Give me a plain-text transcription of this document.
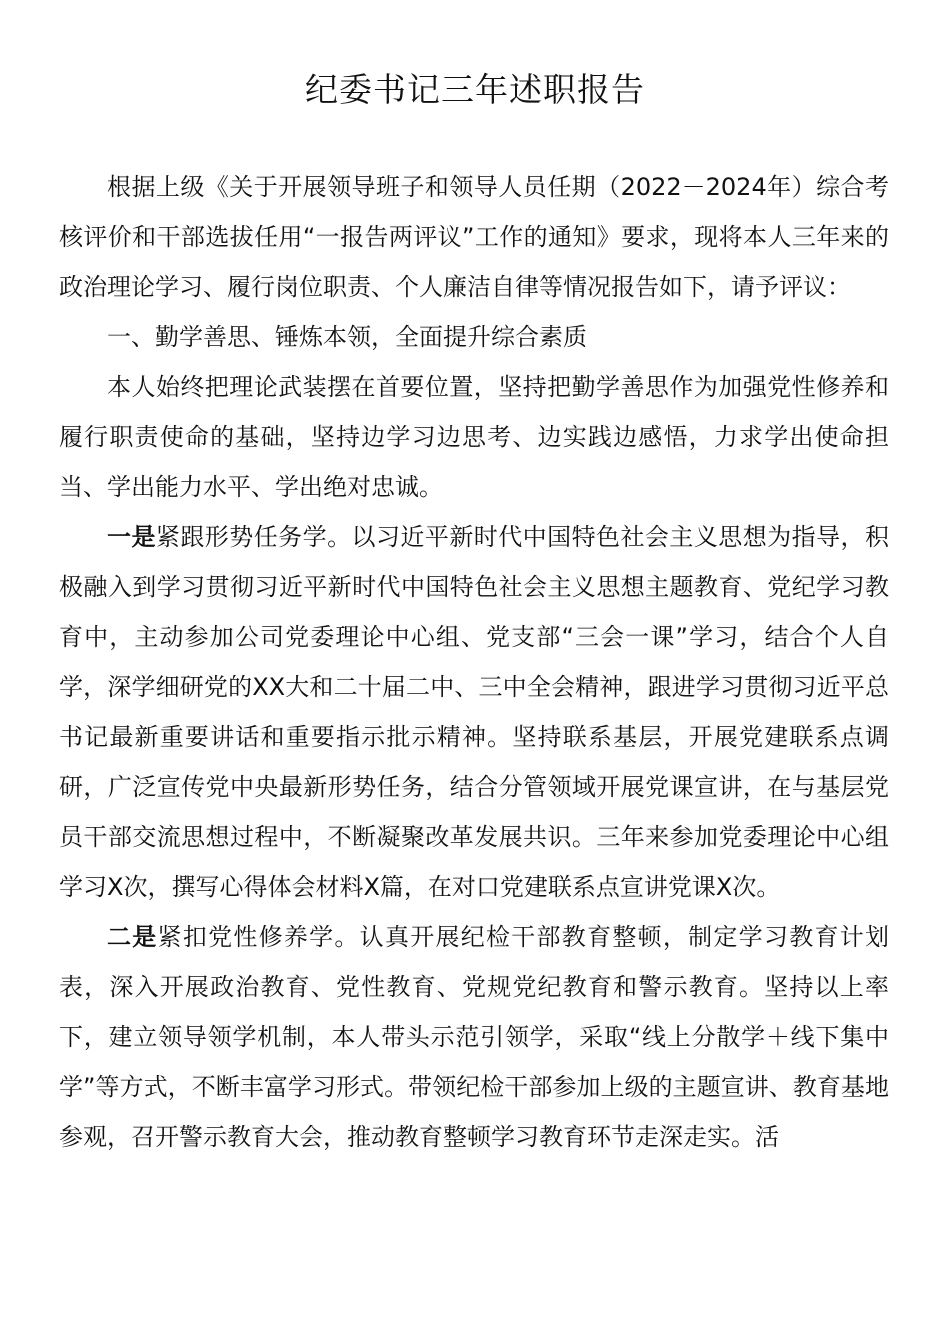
纪委书记三年述职报告

根据上级《关于开展领导班子和领导人员任期（2022－2024年）综合考核评价和干部选拔任用“一报告两评议”工作的通知》要求，现将本人三年来的政治理论学习、履行岗位职责、个人廉洁自律等情况报告如下，请予评议：

一、勤学善思、锤炼本领，全面提升综合素质

本人始终把理论武装摆在首要位置，坚持把勤学善思作为加强党性修养和履行职责使命的基础，坚持边学习边思考、边实践边感悟，力求学出使命担当、学出能力水平、学出绝对忠诚。

一是紧跟形势任务学。以习近平新时代中国特色社会主义思想为指导，积极融入到学习贯彻习近平新时代中国特色社会主义思想主题教育、党纪学习教育中，主动参加公司党委理论中心组、党支部“三会一课”学习，结合个人自学，深学细研党的XX大和二十届二中、三中全会精神，跟进学习贯彻习近平总书记最新重要讲话和重要指示批示精神。坚持联系基层，开展党建联系点调研，广泛宣传党中央最新形势任务，结合分管领域开展党课宣讲，在与基层党员干部交流思想过程中，不断凝聚改革发展共识。三年来参加党委理论中心组学习X次，撰写心得体会材料X篇，在对口党建联系点宣讲党课X次。

二是紧扣党性修养学。认真开展纪检干部教育整顿，制定学习教育计划表，深入开展政治教育、党性教育、党规党纪教育和警示教育。坚持以上率下，建立领导领学机制，本人带头示范引领学，采取“线上分散学＋线下集中学”等方式，不断丰富学习形式。带领纪检干部参加上级的主题宣讲、教育基地参观，召开警示教育大会，推动教育整顿学习教育环节走深走实。活
